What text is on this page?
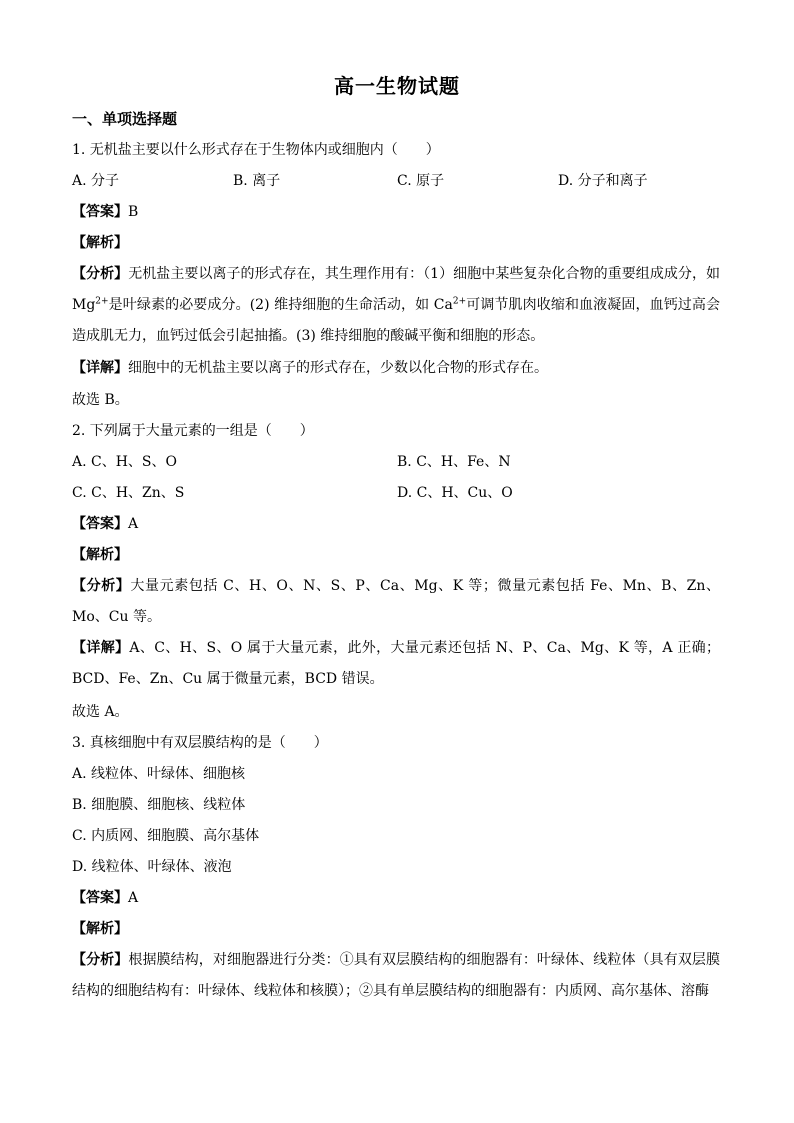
高一生物试题
一、单项选择题
1. 无机盐主要以什么形式存在于生物体内或细胞内（　　）
A. 分子	B. 离子	C. 原子	D. 分子和离子
【答案】B
【解析】
【分析】无机盐主要以离子的形式存在，其生理作用有：（1）细胞中某些复杂化合物的重要组成成分，如 $Mg^{2+}$是叶绿素的必要成分。(2) 维持细胞的生命活动，如 $Ca^{2+}$可调节肌肉收缩和血液凝固，血钙过高会造成肌无力，血钙过低会引起抽搐。(3) 维持细胞的酸碱平衡和细胞的形态。
【详解】细胞中的无机盐主要以离子的形式存在，少数以化合物的形式存在。
故选 B。
2. 下列属于大量元素的一组是（　　）
A. C、H、S、O	B. C、H、Fe、N
C. C、H、Zn、S	D. C、H、Cu、O
【答案】A
【解析】
【分析】大量元素包括 C、H、O、N、S、P、Ca、Mg、K 等；微量元素包括 Fe、Mn、B、Zn、Mo、Cu 等。
【详解】A、C、H、S、O 属于大量元素，此外，大量元素还包括 N、P、Ca、Mg、K 等，A 正确；BCD、Fe、Zn、Cu 属于微量元素，BCD 错误。
故选 A。
3. 真核细胞中有双层膜结构的是（　　）
A. 线粒体、叶绿体、细胞核
B. 细胞膜、细胞核、线粒体
C. 内质网、细胞膜、高尔基体
D. 线粒体、叶绿体、液泡
【答案】A
【解析】
【分析】根据膜结构，对细胞器进行分类：①具有双层膜结构的细胞器有：叶绿体、线粒体（具有双层膜结构的细胞结构有：叶绿体、线粒体和核膜）；②具有单层膜结构的细胞器有：内质网、高尔基体、溶酶
